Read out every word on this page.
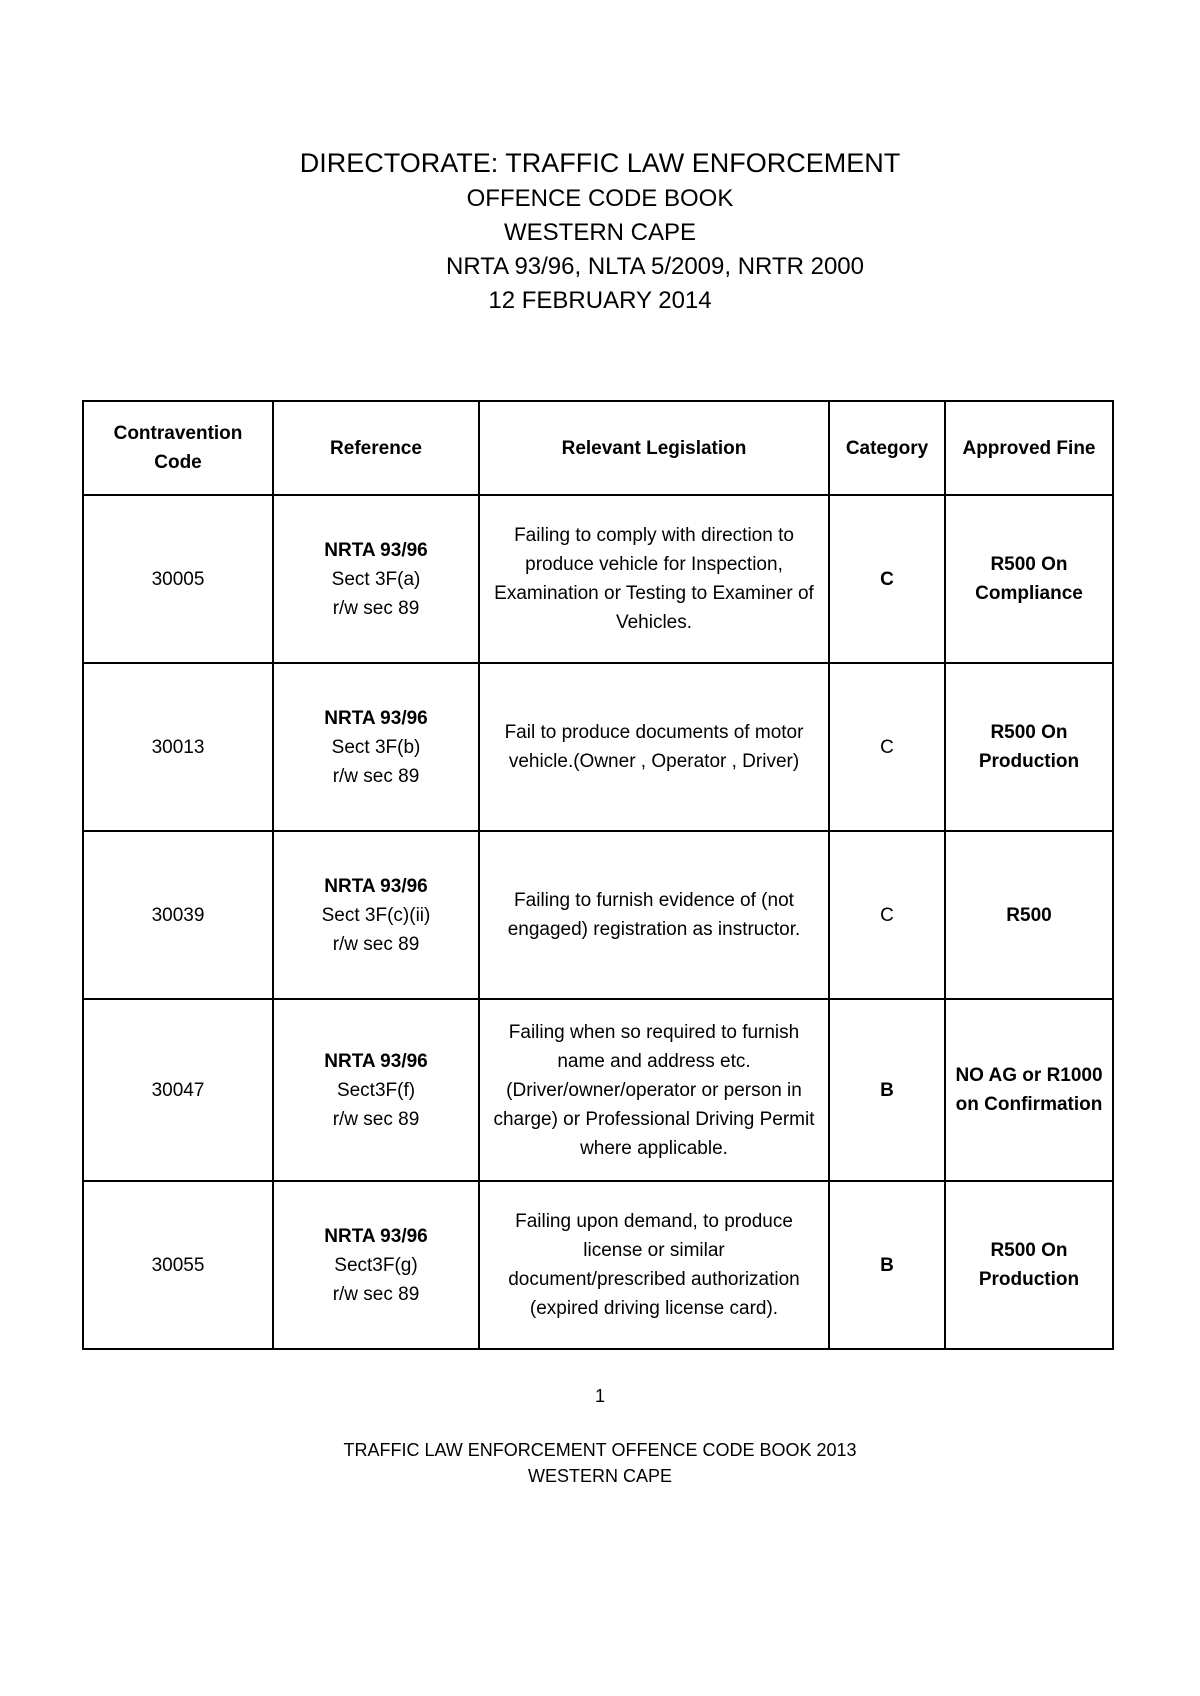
DIRECTORATE: TRAFFIC LAW ENFORCEMENT
OFFENCE CODE BOOK
WESTERN CAPE
NRTA 93/96, NLTA 5/2009, NRTR 2000
12 FEBRUARY 2014
Contravention Code	Reference	Relevant Legislation	Category	Approved Fine
30005	NRTA 93/96
Sect 3F(a)
r/w sec 89	Failing to comply with direction to produce vehicle for Inspection, Examination or Testing to Examiner of Vehicles.	C	R500 On Compliance
30013	NRTA 93/96
Sect 3F(b)
r/w sec 89	Fail to produce documents of motor vehicle.(Owner , Operator , Driver)	C	R500 On Production
30039	NRTA 93/96
Sect 3F(c)(ii)
r/w sec 89	Failing to furnish evidence of (not engaged) registration as instructor.	C	R500
30047	NRTA 93/96
Sect3F(f)
r/w sec 89	Failing when so required to furnish name and address etc. (Driver/owner/operator or person in charge) or Professional Driving Permit where applicable.	B	NO AG or R1000 on Confirmation
30055	NRTA 93/96
Sect3F(g)
r/w sec 89	Failing upon demand, to produce license or similar document/prescribed authorization (expired driving license card).	B	R500 On Production
1
TRAFFIC LAW ENFORCEMENT OFFENCE CODE BOOK 2013
WESTERN CAPE
